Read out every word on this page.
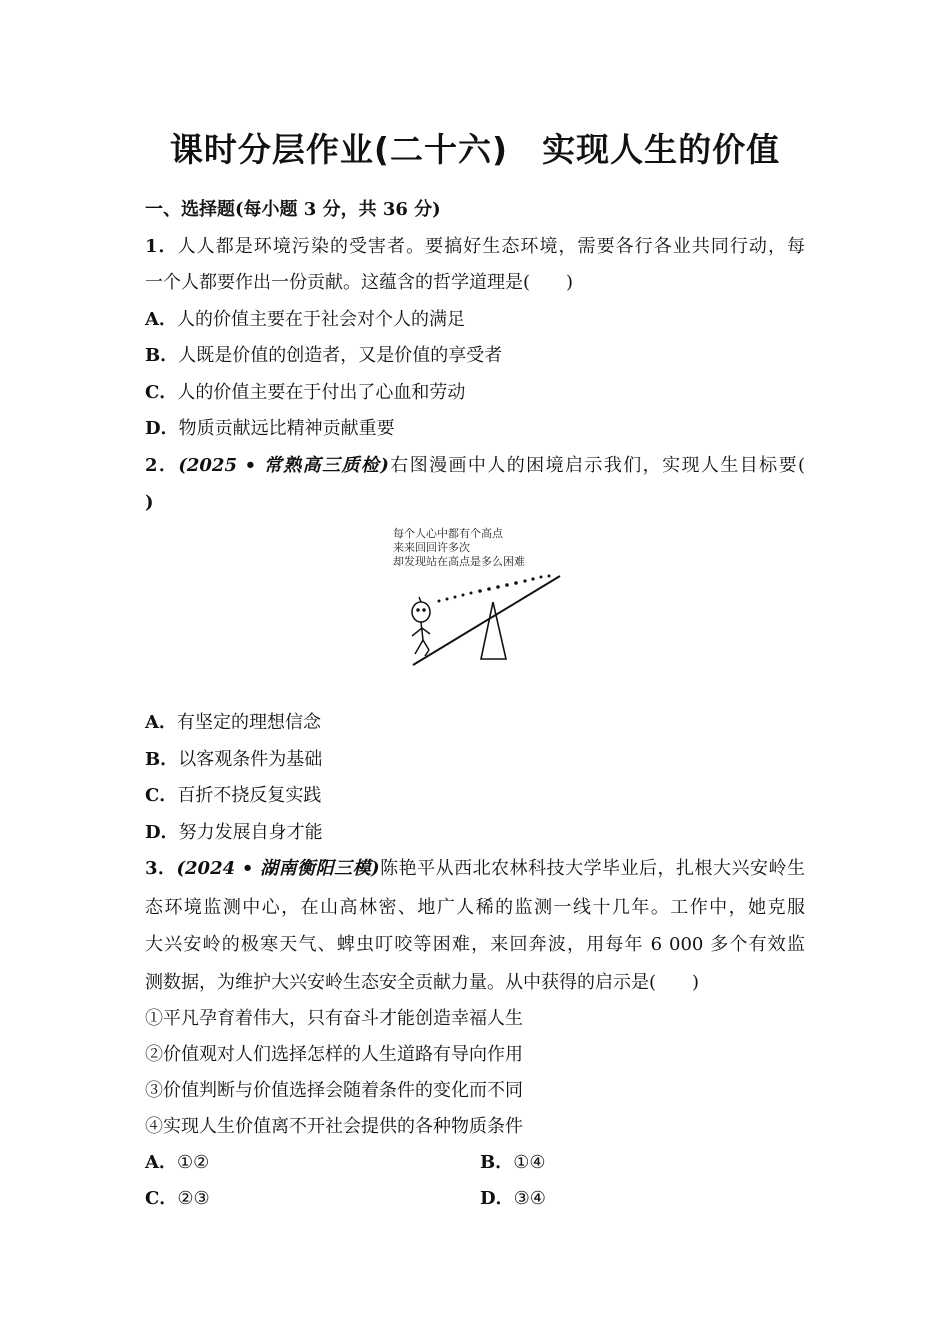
课时分层作业(二十六)　实现人生的价值
一、选择题(每小题 3 分，共 36 分)
1．人人都是环境污染的受害者。要搞好生态环境，需要各行各业共同行动，每
一个人都要作出一份贡献。这蕴含的哲学道理是(　　)
A．人的价值主要在于社会对个人的满足
B．人既是价值的创造者，又是价值的享受者
C．人的价值主要在于付出了心血和劳动
D．物质贡献远比精神贡献重要
2．(2025 • 常熟高三质检)右图漫画中人的困境启示我们，实现人生目标要(
)
每个人心中都有个高点
来来回回许多次
却发现站在高点是多么困难
A．有坚定的理想信念
B．以客观条件为基础
C．百折不挠反复实践
D．努力发展自身才能
3．(2024 • 湖南衡阳三模)陈艳平从西北农林科技大学毕业后，扎根大兴安岭生
态环境监测中心，在山高林密、地广人稀的监测一线十几年。工作中，她克服
大兴安岭的极寒天气、蜱虫叮咬等困难，来回奔波，用每年 6 000 多个有效监
测数据，为维护大兴安岭生态安全贡献力量。从中获得的启示是(　　)
①平凡孕育着伟大，只有奋斗才能创造幸福人生
②价值观对人们选择怎样的人生道路有导向作用
③价值判断与价值选择会随着条件的变化而不同
④实现人生价值离不开社会提供的各种物质条件
A．①②	B．①④
C．②③	D．③④
